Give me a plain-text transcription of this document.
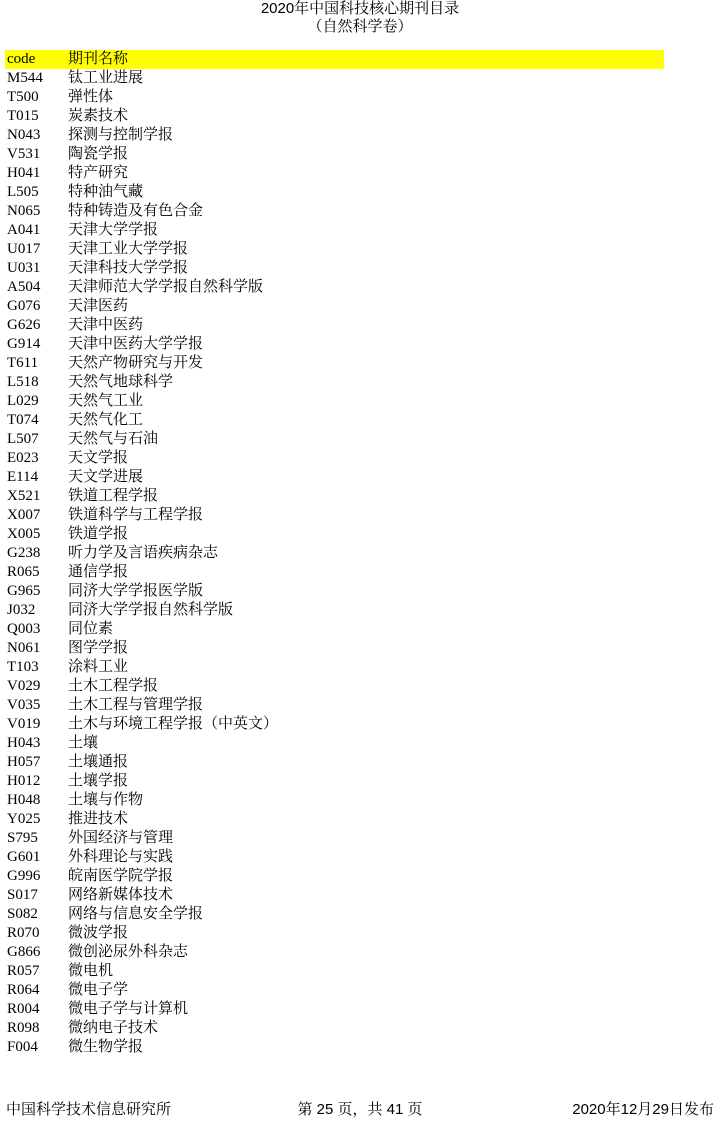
2020年中国科技核心期刊目录
（自然科学卷）
code 期刊名称
M544 钛工业进展
T500 弹性体
T015 炭素技术
N043 探测与控制学报
V531 陶瓷学报
H041 特产研究
L505 特种油气藏
N065 特种铸造及有色合金
A041 天津大学学报
U017 天津工业大学学报
U031 天津科技大学学报
A504 天津师范大学学报自然科学版
G076 天津医药
G626 天津中医药
G914 天津中医药大学学报
T611 天然产物研究与开发
L518 天然气地球科学
L029 天然气工业
T074 天然气化工
L507 天然气与石油
E023 天文学报
E114 天文学进展
X521 铁道工程学报
X007 铁道科学与工程学报
X005 铁道学报
G238 听力学及言语疾病杂志
R065 通信学报
G965 同济大学学报医学版
J032 同济大学学报自然科学版
Q003 同位素
N061 图学学报
T103 涂料工业
V029 土木工程学报
V035 土木工程与管理学报
V019 土木与环境工程学报（中英文）
H043 土壤
H057 土壤通报
H012 土壤学报
H048 土壤与作物
Y025 推进技术
S795 外国经济与管理
G601 外科理论与实践
G996 皖南医学院学报
S017 网络新媒体技术
S082 网络与信息安全学报
R070 微波学报
G866 微创泌尿外科杂志
R057 微电机
R064 微电子学
R004 微电子学与计算机
R098 微纳电子技术
F004 微生物学报
中国科学技术信息研究所	第 25 页，共 41 页	2020年12月29日发布
